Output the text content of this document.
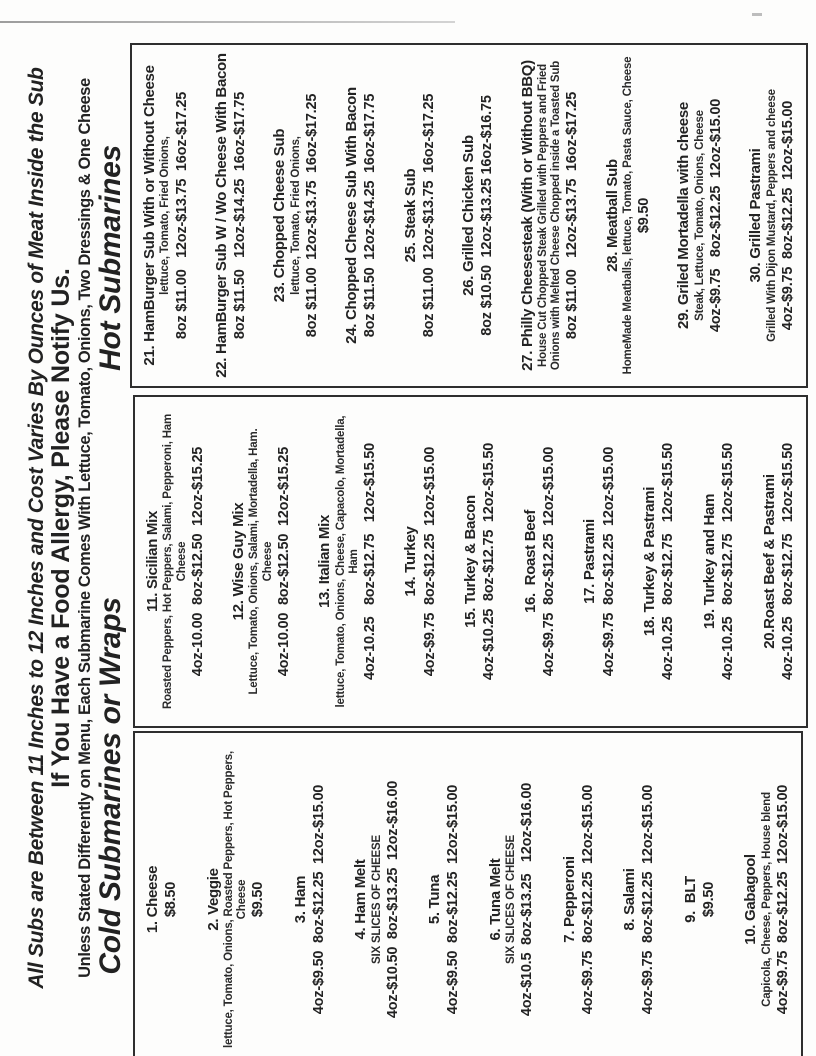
All Subs are Between 11 Inches to 12 Inches and Cost Varies By Ounces of Meat Inside the Sub If You Have a Food Allergy, Please Notify Us. Unless Stated Differently on Menu, Each Submarine Comes With Lettuce, Tomato, Onions, Two Dressings & One Cheese Cold Submarines or Wraps
Hot Submarines
1. Cheese $8.50 2. Veggie lettuce, Tomato, Onions, Roasted Peppers, Hot Peppers, Cheese $9.50 3. Ham 4oz-$9.50  8oz-$12.25  12oz-$15.00 4. Ham Melt SIX SLICES OF CHEESE 4oz-$10.50  8oz-$13.25  12oz-$16.00 5. Tuna 4oz-$9.50  8oz-$12.25  12oz-$15.00 6. Tuna Melt SIX SLICES OF CHEESE 4oz-$10.5  8oz-$13.25   12oz-$16.00 7. Pepperoni 4oz-$9.75  8oz-$12.25  12oz-$15.00 8. Salami 4oz-$9.75  8oz-$12.25  12oz-$15.00 9.  BLT $9.50 10. Gabagool Capicola, Cheese, Peppers, House blend 4oz-$9.75  8oz-$12.25  12oz-$15.00
11. Sicilian Mix Roasted Peppers, Hot Peppers, Salami, Pepperoni, Ham Cheese 4oz-10.00  8oz-$12.50  12oz-$15.25 12. Wise Guy Mix Lettuce, Tomato, Onions, Salami, Mortadella, Ham. Cheese 4oz-10.00  8oz-$12.50  12oz-$15.25 13. Italian Mix lettuce, Tomato, Onions, Cheese, Capacolo, Mortadella, Ham 4oz-10.25   8oz-$12.75   12oz-$15.50 14. Turkey 4oz-$9.75  8oz-$12.25  12oz-$15.00 15. Turkey & Bacon 4oz-$10.25  8oz-$12.75  12oz-$15.50 16.  Roast Beef 4oz-$9.75  8oz-$12.25  12oz-$15.00 17. Pastrami 4oz-$9.75  8oz-$12.25  12oz-$15.00 18. Turkey & Pastrami 4oz-10.25   8oz-$12.75   12oz-$15.50 19. Turkey and Ham 4oz-10.25   8oz-$12.75   12oz-$15.50 20.Roast Beef & Pastrami 4oz-10.25   8oz-$12.75   12oz-$15.50
21. HamBurger Sub With or Without Cheese lettuce, Tomato, Fried Onions, 8oz $11.00   12oz-$13.75  16oz-$17.25 22. HamBurger Sub W / Wo Cheese With Bacon 8oz $11.50   12oz-$14.25  16oz-$17.75 23. Chopped Cheese Sub lettuce, Tomato, Fried Onions, 8oz $11.00  12oz-$13.75  16oz-$17.25 24. Chopped Cheese Sub With Bacon 8oz $11.50  12oz-$14.25  16oz-$17.75 25. Steak Sub 8oz $11.00  12oz-$13.75  16oz-$17.25 26. Grilled Chicken Sub 8oz $10.50  12oz-$13.25 16oz-$16.75 27. Philly Cheesesteak (With or Without BBQ) House Cut Chopped Steak Grilled with Peppers and Fried Onions with Melted Cheese Chopped inside a Toasted Sub 8oz $11.00   12oz-$13.75  16oz-$17.25 28. Meatball Sub HomeMade Meatballs, lettuce, Tomato, Pasta Sauce, Cheese $9.50 29. Griled Mortadella with cheese Steak, Lettuce, Tomato, Onions, Cheese 4oz-$9.75   8oz-$12.25  12oz-$15.00 30. Grilled Pastrami Grilled With Dijon Mustard, Peppers and cheese 4oz-$9.75  8oz-$12.25  12oz-$15.00
